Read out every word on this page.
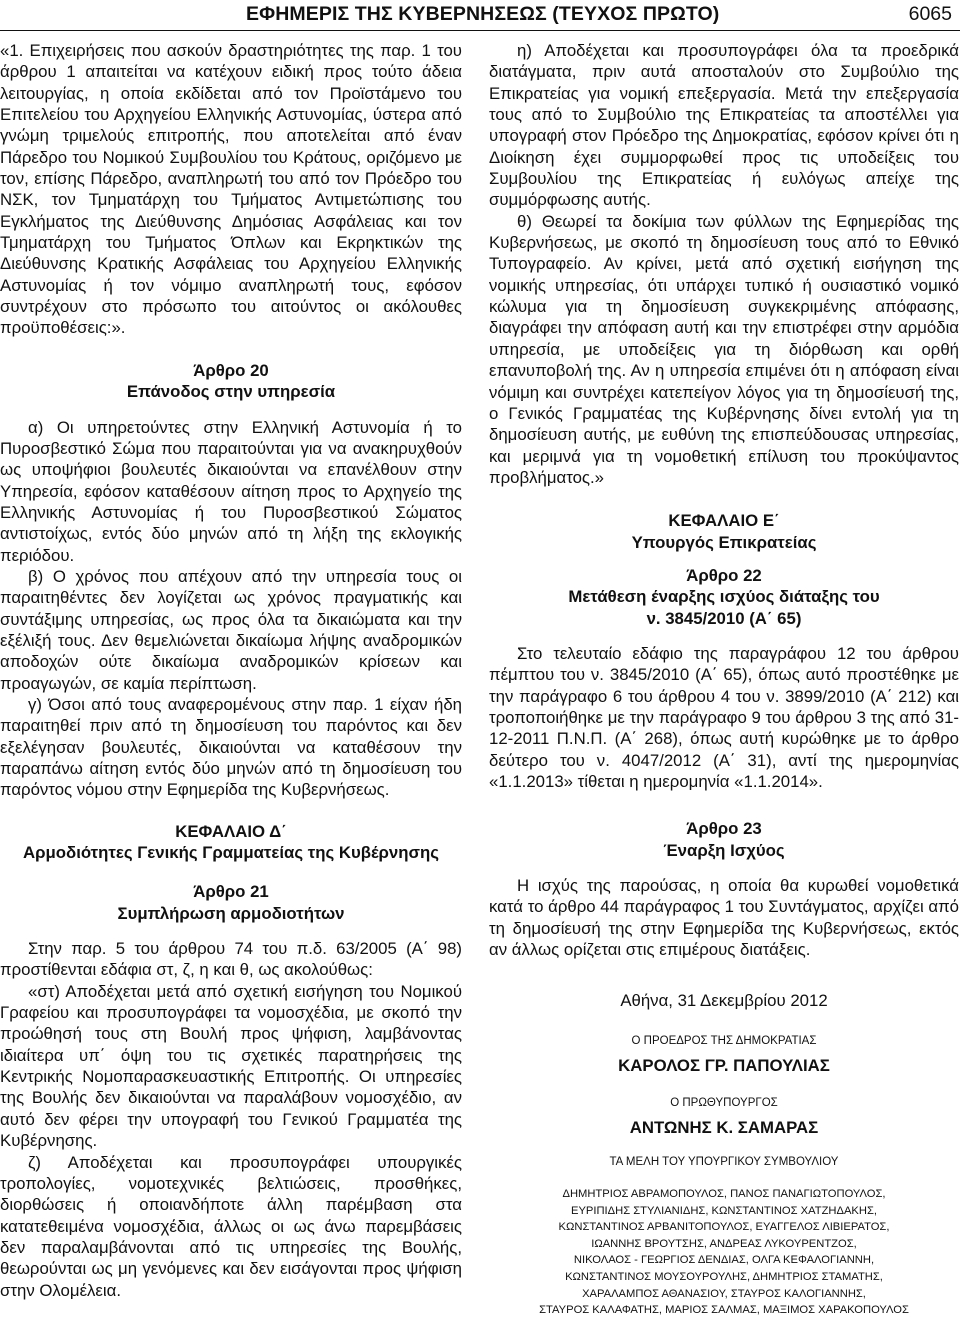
ΕΦΗΜΕΡΙΣ ΤΗΣ ΚΥΒΕΡΝΗΣΕΩΣ (ΤΕΥΧΟΣ ΠΡΩΤΟ)	6065

«1. Επιχειρήσεις που ασκούν δραστηριότητες της παρ. 1 του άρθρου 1 απαιτείται να κατέχουν ειδική προς τούτο άδεια λειτουργίας, η οποία εκδίδεται από τον Προϊστάμενο του Επιτελείου του Αρχηγείου Ελληνικής Αστυνομίας, ύστερα από γνώμη τριμελούς επιτροπής, που αποτελείται από έναν Πάρεδρο του Νομικού Συμβουλίου του Κράτους, οριζόμενο με τον, επίσης Πάρεδρο, αναπληρωτή του από τον Πρόεδρο του ΝΣΚ, τον Τμηματάρχη του Τμήματος Αντιμετώπισης του Εγκλήματος της Διεύθυνσης Δημόσιας Ασφάλειας και τον Τμηματάρχη του Τμήματος Όπλων και Εκρηκτικών της Διεύθυνσης Κρατικής Ασφάλειας του Αρχηγείου Ελληνικής Αστυνομίας ή τον νόμιμο αναπληρωτή τους, εφόσον συντρέχουν στο πρόσωπο του αιτούντος οι ακόλουθες προϋποθέσεις:».

Άρθρο 20

Επάνοδος στην υπηρεσία

α) Οι υπηρετούντες στην Ελληνική Αστυνομία ή το Πυροσβεστικό Σώμα που παραιτούνται για να ανακηρυχθούν ως υποψήφιοι βουλευτές δικαιούνται να επανέλθουν στην Υπηρεσία, εφόσον καταθέσουν αίτηση προς το Αρχηγείο της Ελληνικής Αστυνομίας ή του Πυροσβεστικού Σώματος αντιστοίχως, εντός δύο μηνών από τη λήξη της εκλογικής περιόδου.

β) Ο χρόνος που απέχουν από την υπηρεσία τους οι παραιτηθέντες δεν λογίζεται ως χρόνος πραγματικής και συντάξιμης υπηρεσίας, ως προς όλα τα δικαιώματα και την εξέλιξή τους. Δεν θεμελιώνεται δικαίωμα λήψης αναδρομικών αποδοχών ούτε δικαίωμα αναδρομικών κρίσεων και προαγωγών, σε καμία περίπτωση.

γ) Όσοι από τους αναφερομένους στην παρ. 1 είχαν ήδη παραιτηθεί πριν από τη δημοσίευση του παρόντος και δεν εξελέγησαν βουλευτές, δικαιούνται να καταθέσουν την παραπάνω αίτηση εντός δύο μηνών από τη δημοσίευση του παρόντος νόμου στην Εφημερίδα της Κυβερνήσεως.

ΚΕΦΑΛΑΙΟ Δ΄

Αρμοδιότητες Γενικής Γραμματείας της Κυβέρνησης

Άρθρο 21

Συμπλήρωση αρμοδιοτήτων

Στην παρ. 5 του άρθρου 74 του π.δ. 63/2005 (Α΄ 98) προστίθενται εδάφια στ, ζ, η και θ, ως ακολούθως:

«στ) Αποδέχεται μετά από σχετική εισήγηση του Νομικού Γραφείου και προσυπογράφει τα νομοσχέδια, με σκοπό την προώθησή τους στη Βουλή προς ψήφιση, λαμβάνοντας ιδιαίτερα υπ΄ όψη του τις σχετικές παρατηρήσεις της Κεντρικής Νομοπαρασκευαστικής Επιτροπής. Οι υπηρεσίες της Βουλής δεν δικαιούνται να παραλάβουν νομοσχέδιο, αν αυτό δεν φέρει την υπογραφή του Γενικού Γραμματέα της Κυβέρνησης.

ζ) Αποδέχεται και προσυπογράφει υπουργικές τροπολογίες, νομοτεχνικές βελτιώσεις, προσθήκες, διορθώσεις ή οποιανδήποτε άλλη παρέμβαση στα κατατεθειμένα νομοσχέδια, άλλως οι ως άνω παρεμβάσεις δεν παραλαμβάνονται από τις υπηρεσίες της Βουλής, θεωρούνται ως μη γενόμενες και δεν εισάγονται προς ψήφιση στην Ολομέλεια.

η) Αποδέχεται και προσυπογράφει όλα τα προεδρικά διατάγματα, πριν αυτά αποσταλούν στο Συμβούλιο της Επικρατείας για νομική επεξεργασία. Μετά την επεξεργασία τους από το Συμβούλιο της Επικρατείας τα αποστέλλει για υπογραφή στον Πρόεδρο της Δημοκρατίας, εφόσον κρίνει ότι η Διοίκηση έχει συμμορφωθεί προς τις υποδείξεις του Συμβουλίου της Επικρατείας ή ευλόγως απείχε της συμμόρφωσης αυτής.

θ) Θεωρεί τα δοκίμια των φύλλων της Εφημερίδας της Κυβερνήσεως, με σκοπό τη δημοσίευση τους από το Εθνικό Τυπογραφείο. Αν κρίνει, μετά από σχετική εισήγηση της νομικής υπηρεσίας, ότι υπάρχει τυπικό ή ουσιαστικό νομικό κώλυμα για τη δημοσίευση συγκεκριμένης απόφασης, διαγράφει την απόφαση αυτή και την επιστρέφει στην αρμόδια υπηρεσία, με υποδείξεις για τη διόρθωση και ορθή επανυποβολή της. Αν η υπηρεσία επιμένει ότι η απόφαση είναι νόμιμη και συντρέχει κατεπείγον λόγος για τη δημοσίευσή της, ο Γενικός Γραμματέας της Κυβέρνησης δίνει εντολή για τη δημοσίευση αυτής, με ευθύνη της επισπεύδουσας υπηρεσίας, και μεριμνά για τη νομοθετική επίλυση του προκύψαντος προβλήματος.»

ΚΕΦΑΛΑΙΟ Ε΄

Υπουργός Επικρατείας

Άρθρο 22

Μετάθεση έναρξης ισχύος διάταξης του

ν. 3845/2010 (Α΄ 65)

Στο τελευταίο εδάφιο της παραγράφου 12 του άρθρου πέμπτου του ν. 3845/2010 (Α΄ 65), όπως αυτό προστέθηκε με την παράγραφο 6 του άρθρου 4 του ν. 3899/2010 (Α΄ 212) και τροποποιήθηκε με την παράγραφο 9 του άρθρου 3 της από 31-12-2011 Π.Ν.Π. (Α΄ 268), όπως αυτή κυρώθηκε με το άρθρο δεύτερο του ν. 4047/2012 (Α΄ 31), αντί της ημερομηνίας «1.1.2013» τίθεται η ημερομηνία «1.1.2014».

Άρθρο 23

Έναρξη Ισχύος

Η ισχύς της παρούσας, η οποία θα κυρωθεί νομοθετικά κατά το άρθρο 44 παράγραφος 1 του Συντάγματος, αρχίζει από τη δημοσίευσή της στην Εφημερίδα της Κυβερνήσεως, εκτός αν άλλως ορίζεται στις επιμέρους διατάξεις.

Αθήνα, 31 Δεκεμβρίου 2012

Ο ΠΡΟΕΔΡΟΣ ΤΗΣ ΔΗΜΟΚΡΑΤΙΑΣ

ΚΑΡΟΛΟΣ ΓΡ. ΠΑΠΟΥΛΙΑΣ

Ο ΠΡΩΘΥΠΟΥΡΓΟΣ

ΑΝΤΩΝΗΣ Κ. ΣΑΜΑΡΑΣ

ΤΑ ΜΕΛΗ ΤΟΥ ΥΠΟΥΡΓΙΚΟΥ ΣΥΜΒΟΥΛΙΟΥ

ΔΗΜΗΤΡΙΟΣ ΑΒΡΑΜΟΠΟΥΛΟΣ, ΠΑΝΟΣ ΠΑΝΑΓΙΩΤΟΠΟΥΛΟΣ,

ΕΥΡΙΠΙΔΗΣ ΣΤΥΛΙΑΝΙΔΗΣ, ΚΩΝΣΤΑΝΤΙΝΟΣ ΧΑΤΖΗΔΑΚΗΣ,

ΚΩΝΣΤΑΝΤΙΝΟΣ ΑΡΒΑΝΙΤΟΠΟΥΛΟΣ, ΕΥΑΓΓΕΛΟΣ ΛΙΒΙΕΡΑΤΟΣ,

ΙΩΑΝΝΗΣ ΒΡΟΥΤΣΗΣ, ΑΝΔΡΕΑΣ ΛΥΚΟΥΡΕΝΤΖΟΣ,

ΝΙΚΟΛΑΟΣ - ΓΕΩΡΓΙΟΣ ΔΕΝΔΙΑΣ, ΟΛΓΑ ΚΕΦΑΛΟΓΙΑΝΝΗ,

ΚΩΝΣΤΑΝΤΙΝΟΣ ΜΟΥΣΟΥΡΟΥΛΗΣ, ΔΗΜΗΤΡΙΟΣ ΣΤΑΜΑΤΗΣ,

ΧΑΡΑΛΑΜΠΟΣ ΑΘΑΝΑΣΙΟΥ, ΣΤΑΥΡΟΣ ΚΑΛΟΓΙΑΝΝΗΣ,

ΣΤΑΥΡΟΣ ΚΑΛΑΦΑΤΗΣ, ΜΑΡΙΟΣ ΣΑΛΜΑΣ, ΜΑΞΙΜΟΣ ΧΑΡΑΚΟΠΟΥΛΟΣ
